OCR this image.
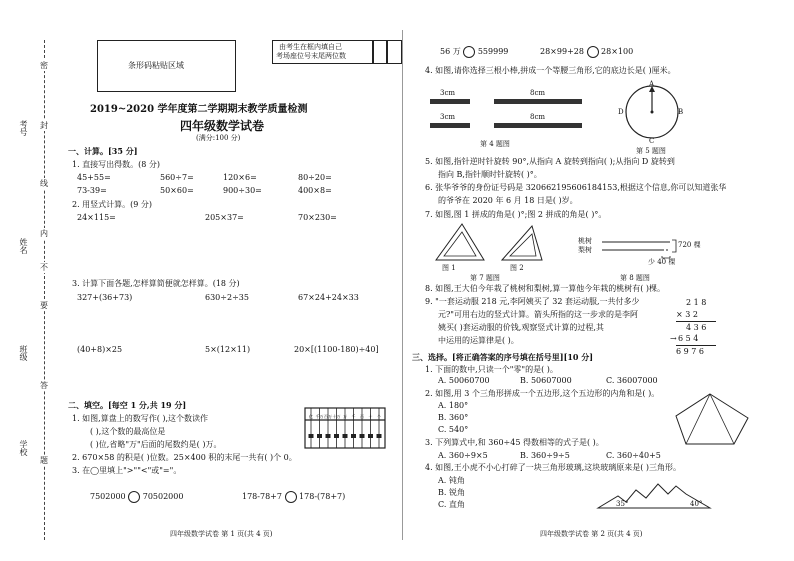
考号
姓名
班级
学校
密
封
线
内
不
要
答
题
条形码粘贴区域
由考生在框内填自己
考场座位号末尾两位数
2019~2020 学年度第二学期期末教学质量检测
四年级数学试卷
(满分:100 分)
一、计算。[35 分]
1. 直接写出得数。(8 分)
45+55=	560÷7=	120×6=	80÷20=
73-39=	50×60=	900÷30=	400×8=
2. 用竖式计算。(9 分)
24×115=	205×37=	70×230=
3. 计算下面各题,怎样算简便就怎样算。(18 分)
327+(36+73)	630÷2÷35	67×24+24×33
(40+8)×25	5×(12×11)	20×[(1100-180)÷40]
二、填空。[每空 1 分,共 19 分]
1. 如图,算盘上的数写作( ),这个数读作
( ),这个数的最高位是
( )位,省略"万"后面的尾数约是( )万。
2. 670×58 的积是( )位数。25×400 积的末尾一共有( )个 0。
3. 在◯里填上">""<"或"="。
7502000 70502000	178-78+7 178-(78+7)
亿 千万 百万 十万 万 千 百 十 个
四年级数学试卷 第 1 页(共 4 页)
56 万 559999	28×99+28 28×100
4. 如图,请你选择三根小棒,拼成一个等腰三角形,它的底边长是( )厘米。
3cm
3cm
8cm
8cm
第 4 题图
A
B
C
D
第 5 题图
5. 如图,指针逆时针旋转 90°,从指向 A 旋转到指向( );从指向 D 旋转到
指向 B,指针顺时针旋转( )°。
6. 张华爷爷的身份证号码是 320662195606184153,根据这个信息,你可以知道张华
的爷爷在 2020 年 6 月 18 日是( )岁。
7. 如图,图 1 拼成的角是( )°;图 2 拼成的角是( )°。
图 1	图 2
第 7 题图
桃树
梨树
720 棵
少 40 棵
第 8 题图
8. 如图,王大伯今年栽了桃树和梨树,算一算他今年栽的桃树有( )棵。
9. "一套运动服 218 元,李阿姨买了 32 套运动服,一共付多少
元?"可用右边的竖式计算。箭头所指的这一步求的是李阿
姨买( )套运动服的价钱,观察竖式计算的过程,其
中运用的运算律是( )。
2 1 8
× 3 2
4 3 6
6 5 4
→
6 9 7 6
三、选择。[将正确答案的序号填在括号里][10 分]
1. 下面的数中,只读一个"零"的是( )。
A. 50060700	B. 50607000	C. 36007000
2. 如图,用 3 个三角形拼成一个五边形,这个五边形的内角和是( )。
A. 180°
B. 360°
C. 540°
3. 下列算式中,和 360÷45 得数相等的式子是( )。
A. 360÷9×5	B. 360÷9÷5	C. 360÷40+5
4. 如图,王小虎不小心打碎了一块三角形玻璃,这块玻璃原来是( )三角形。
A. 钝角
B. 锐角
C. 直角	35°	40°
四年级数学试卷 第 2 页(共 4 页)
